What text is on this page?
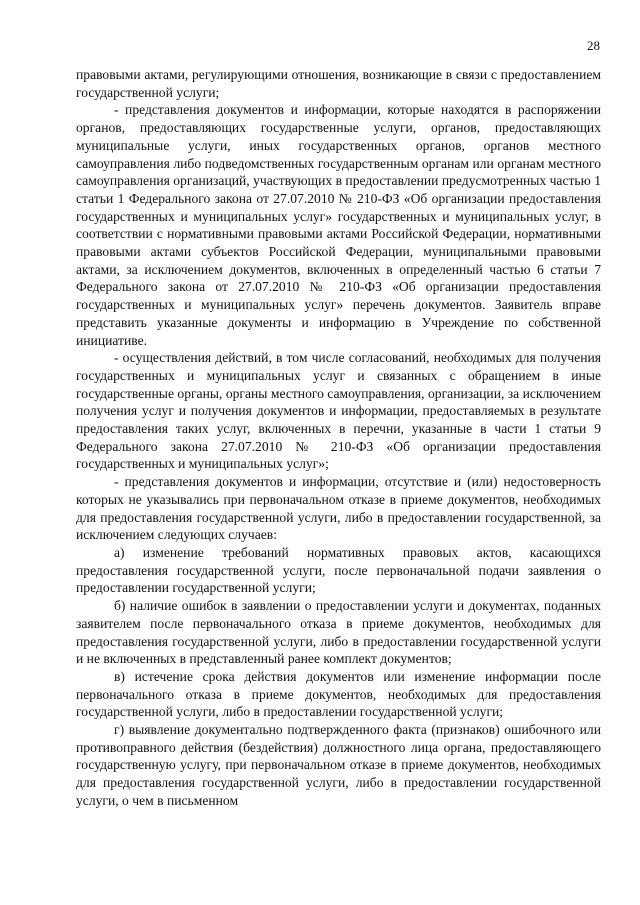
28

правовыми актами, регулирующими отношения, возникающие в связи с предоставлением государственной услуги;

- представления документов и информации, которые находятся в распоряжении органов, предоставляющих государственные услуги, органов, предоставляющих муниципальные услуги, иных государственных органов, органов местного самоуправления либо подведомственных государственным органам или органам местного самоуправления организаций, участвующих в предоставлении предусмотренных частью 1 статьи 1 Федерального закона от 27.07.2010 № 210-ФЗ «Об организации предоставления государственных и муниципальных услуг» государственных и муниципальных услуг, в соответствии с нормативными правовыми актами Российской Федерации, нормативными правовыми актами субъектов Российской Федерации, муниципальными правовыми актами, за исключением документов, включенных в определенный частью 6 статьи 7 Федерального закона от 27.07.2010 № 210-ФЗ «Об организации предоставления государственных и муниципальных услуг» перечень документов. Заявитель вправе представить указанные документы и информацию в Учреждение по собственной инициативе.

- осуществления действий, в том числе согласований, необходимых для получения государственных и муниципальных услуг и связанных с обращением в иные государственные органы, органы местного самоуправления, организации, за исключением получения услуг и получения документов и информации, предоставляемых в результате предоставления таких услуг, включенных в перечни, указанные в части 1 статьи 9 Федерального закона 27.07.2010 № 210-ФЗ «Об организации предоставления государственных и муниципальных услуг»;

- представления документов и информации, отсутствие и (или) недостоверность которых не указывались при первоначальном отказе в приеме документов, необходимых для предоставления государственной услуги, либо в предоставлении государственной, за исключением следующих случаев:

а) изменение требований нормативных правовых актов, касающихся предоставления государственной услуги, после первоначальной подачи заявления о предоставлении государственной услуги;

б) наличие ошибок в заявлении о предоставлении услуги и документах, поданных заявителем после первоначального отказа в приеме документов, необходимых для предоставления государственной услуги, либо в предоставлении государственной услуги и не включенных в представленный ранее комплект документов;

в) истечение срока действия документов или изменение информации после первоначального отказа в приеме документов, необходимых для предоставления государственной услуги, либо в предоставлении государственной услуги;

г) выявление документально подтвержденного факта (признаков) ошибочного или противоправного действия (бездействия) должностного лица органа, предоставляющего государственную услугу, при первоначальном отказе в приеме документов, необходимых для предоставления государственной услуги, либо в предоставлении государственной услуги, о чем в письменном
